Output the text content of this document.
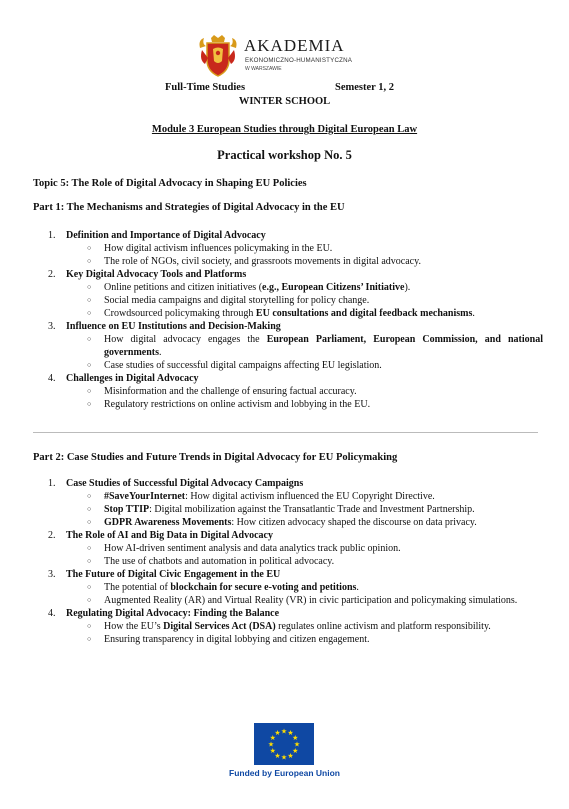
AKADEMIA
EKONOMICZNO-HUMANISTYCZNA
W WARSZAWIE
Full-Time Studies	Semester 1, 2
WINTER SCHOOL
Module 3 European Studies through Digital European Law
Practical workshop No. 5
Topic 5: The Role of Digital Advocacy in Shaping EU Policies
Part 1: The Mechanisms and Strategies of Digital Advocacy in the EU
1. Definition and Importance of Digital Advocacy
○ How digital activism influences policymaking in the EU.
○ The role of NGOs, civil society, and grassroots movements in digital advocacy.
2. Key Digital Advocacy Tools and Platforms
○ Online petitions and citizen initiatives (e.g., European Citizens’ Initiative).
○ Social media campaigns and digital storytelling for policy change.
○ Crowdsourced policymaking through EU consultations and digital feedback mechanisms.
3. Influence on EU Institutions and Decision-Making
○ How digital advocacy engages the European Parliament, European Commission, and national governments.
○ Case studies of successful digital campaigns affecting EU legislation.
4. Challenges in Digital Advocacy
○ Misinformation and the challenge of ensuring factual accuracy.
○ Regulatory restrictions on online activism and lobbying in the EU.
Part 2: Case Studies and Future Trends in Digital Advocacy for EU Policymaking
1. Case Studies of Successful Digital Advocacy Campaigns
○ #SaveYourInternet: How digital activism influenced the EU Copyright Directive.
○ Stop TTIP: Digital mobilization against the Transatlantic Trade and Investment Partnership.
○ GDPR Awareness Movements: How citizen advocacy shaped the discourse on data privacy.
2. The Role of AI and Big Data in Digital Advocacy
○ How AI-driven sentiment analysis and data analytics track public opinion.
○ The use of chatbots and automation in political advocacy.
3. The Future of Digital Civic Engagement in the EU
○ The potential of blockchain for secure e-voting and petitions.
○ Augmented Reality (AR) and Virtual Reality (VR) in civic participation and policymaking simulations.
4. Regulating Digital Advocacy: Finding the Balance
○ How the EU’s Digital Services Act (DSA) regulates online activism and platform responsibility.
○ Ensuring transparency in digital lobbying and citizen engagement.
★ ★
★
★
★
★
★
★
★
★
★
★
Funded by European Union
